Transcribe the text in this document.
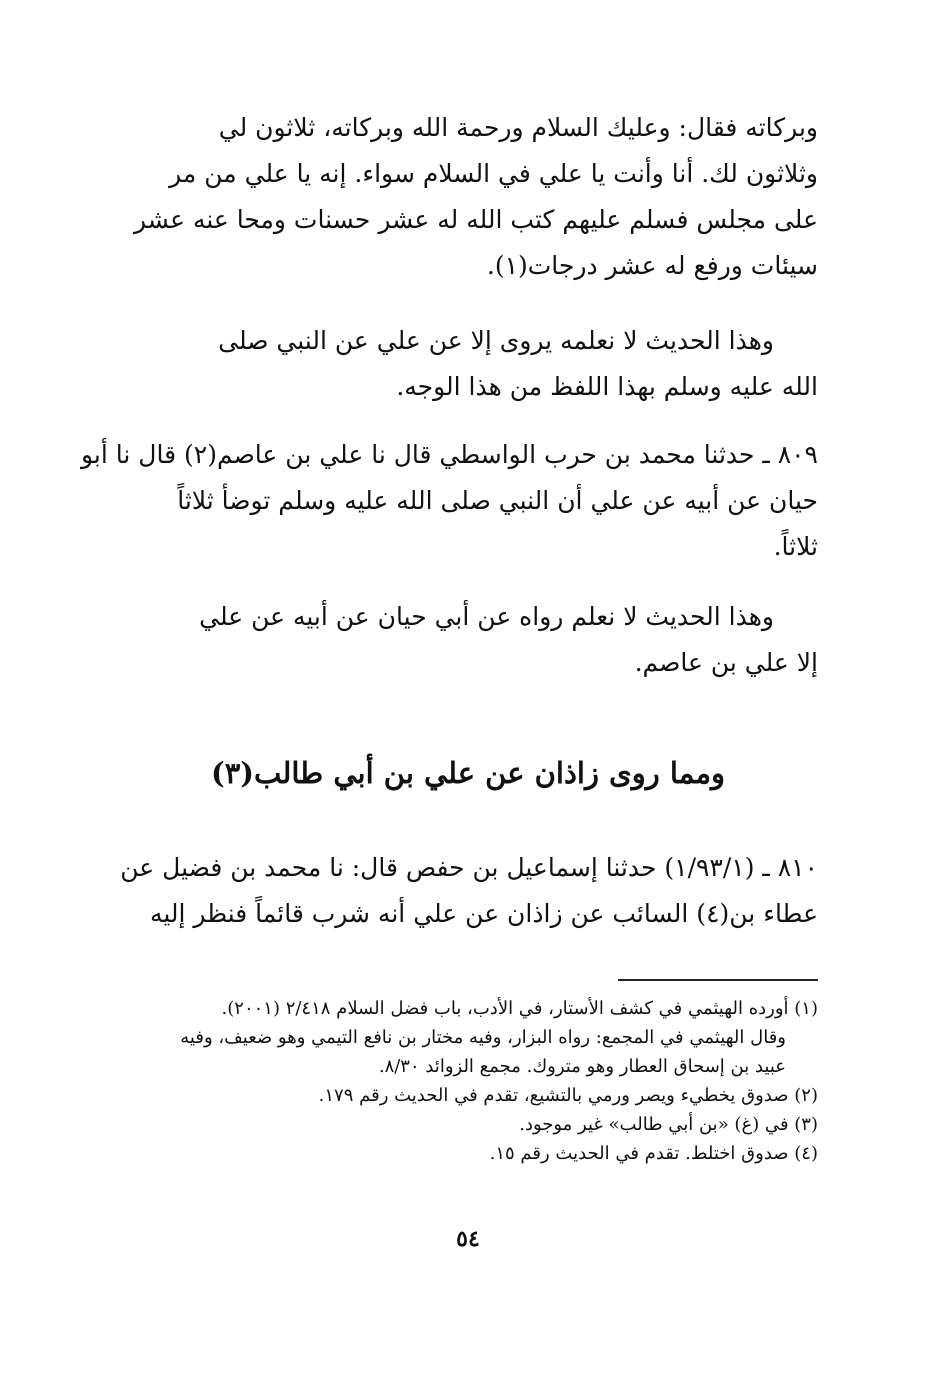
وبركاته فقال: وعليك السلام ورحمة الله وبركاته، ثلاثون لي
وثلاثون لك. أنا وأنت يا علي في السلام سواء. إنه يا علي من مر
على مجلس فسلم عليهم كتب الله له عشر حسنات ومحا عنه عشر
سيئات ورفع له عشر درجات(١).
وهذا الحديث لا نعلمه يروى إلا عن علي عن النبي صلى
الله عليه وسلم بهذا اللفظ من هذا الوجه.
٨٠٩ ـ حدثنا محمد بن حرب الواسطي قال نا علي بن عاصم(٢) قال نا أبو
حيان عن أبيه عن علي أن النبي صلى الله عليه وسلم توضأ ثلاثاً
ثلاثاً.
وهذا الحديث لا نعلم رواه عن أبي حيان عن أبيه عن علي
إلا علي بن عاصم.
ومما روى زاذان عن علي بن أبي طالب(٣)
٨١٠ ـ (١/٩٣/١) حدثنا إسماعيل بن حفص قال: نا محمد بن فضيل عن
عطاء بن(٤) السائب عن زاذان عن علي أنه شرب قائماً فنظر إليه
(١) أورده الهيثمي في كشف الأستار، في الأدب، باب فضل السلام ٢/٤١٨ (٢٠٠١).
وقال الهيثمي في المجمع: رواه البزار، وفيه مختار بن نافع التيمي وهو ضعيف، وفيه
عبيد بن إسحاق العطار وهو متروك. مجمع الزوائد ٨/٣٠.
(٢) صدوق يخطيء ويصر ورمي بالتشيع، تقدم في الحديث رقم ١٧٩.
(٣) في (غ) «بن أبي طالب» غير موجود.
(٤) صدوق اختلط. تقدم في الحديث رقم ١٥.
٥٤
